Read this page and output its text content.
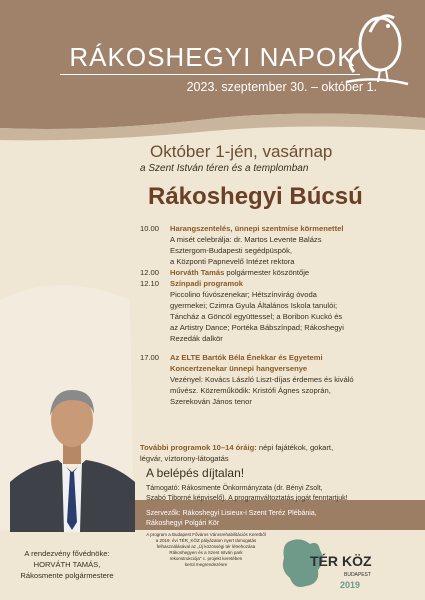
RÁKOSHEGYI NAPOK
2023. szeptember 30. – október 1.
Október 1-jén, vasárnap
a Szent István téren és a templomban
Rákoshegyi Búcsú
10.00	Harangszentelés, ünnepi szentmise körmenettel
A misét celebrálja: dr. Martos Levente Balázs
Esztergom-Budapesti segédpüspök,
a Központi Papnevelő Intézet rektora
12.00	Horváth Tamás polgármester köszöntője
12.10	Színpadi programok
Piccolino fúvószenekar; Hétszínvirág óvoda
gyermekei; Czimra Gyula Általános Iskola tanulói;
Táncház a Göncöl együttessel; a Boribon Kuckó és
az Artistry Dance; Portéka Bábszínpad; Rákoshegyi
Rezedák dalkör
17.00	Az ELTE Bartók Béla Énekkar és Egyetemi
Koncertzenekar ünnepi hangversenye
Vezényel: Kovács László Liszt-díjas érdemes és kiváló
művész. Közreműködik: Kristófi Ágnes szoprán,
Szerekován János tenor
További programok 10–14 óráig: népi fajátékok, gokart,
légvár, víztorony-látogatás
A belépés díjtalan!
Támogató: Rákosmente Önkormányzata (dr. Bényi Zsolt,
Szabó Tiborné képviselő). A programváltoztatás jogát fenntartjuk!
Szervezők: Rákoshegyi Lisieux-i Szent Teréz Plébánia,
Rákoshegyi Polgári Kör
A rendezvény fővédnöke:
HORVÁTH TAMÁS,
Rákosmente polgármestere
A program a Budapest Főváros Városrehabilitációs Keretből
a 2019. évi TÉR_KÖZ pályázaton nyert támogatás
felhasználásával az „Új közösségi tér létrehozása
Rákoshegyen és a Szent István park
rekonstrukciója" c. projekt keretében
kerül megrendezésre	TÉR KÖZ
BUDAPEST
2019
